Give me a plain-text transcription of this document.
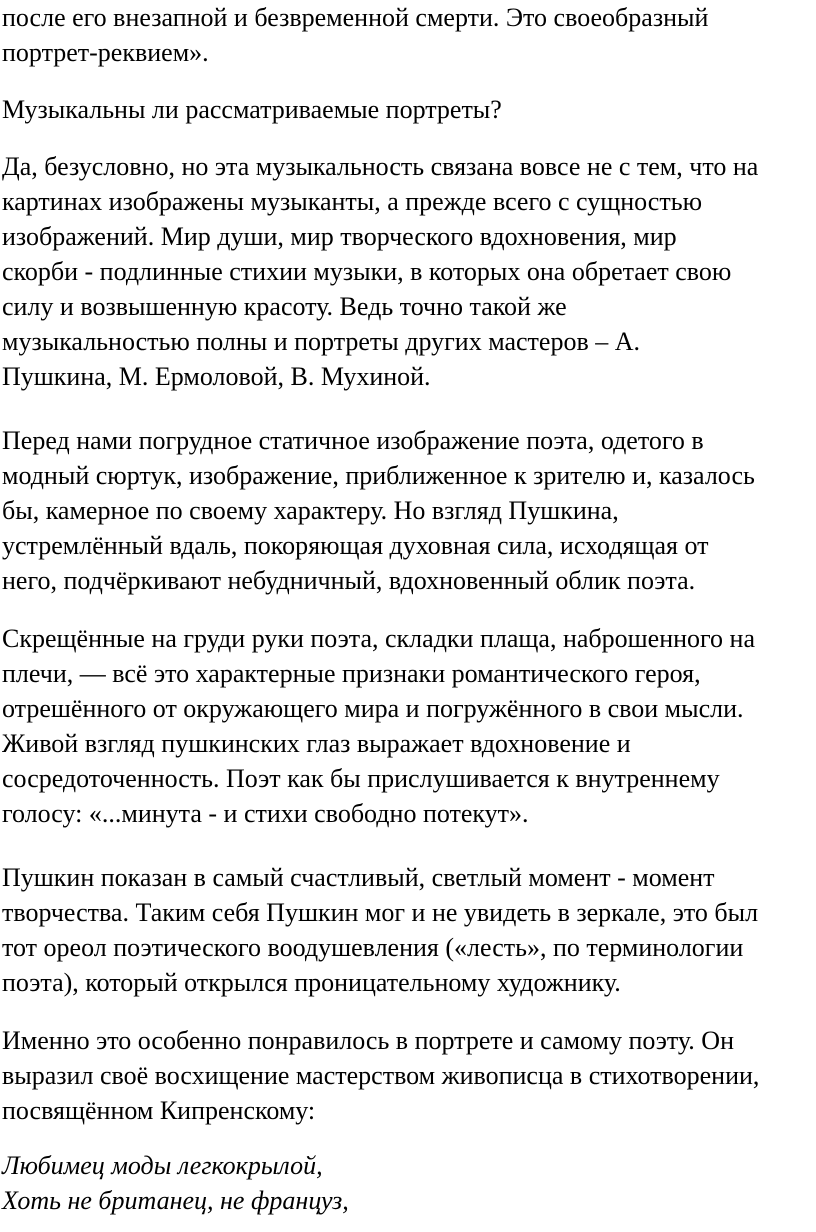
после его внезапной и безвременной смерти. Это своеобразный
портрет-реквием».

Музыкальны ли рассматриваемые портреты?

Да, безусловно, но эта музыкальность связана вовсе не с тем, что на
картинах изображены музыканты, а прежде всего с сущностью
изображений. Мир души, мир творческого вдохновения, мир
скорби - подлинные стихии музыки, в которых она обретает свою
силу и возвышенную красоту. Ведь точно такой же
музыкальностью полны и портреты других мастеров – А.
Пушкина, М. Ермоловой, В. Мухиной.

Перед нами погрудное статичное изображение поэта, одетого в
модный сюртук, изображение, приближенное к зрителю и, казалось
бы, камерное по своему характеру. Но взгляд Пушкина,
устремлённый вдаль, покоряющая духовная сила, исходящая от
него, подчёркивают небудничный, вдохновенный облик поэта.

Скрещённые на груди руки поэта, складки плаща, наброшенного на
плечи, — всё это характерные признаки романтического героя,
отрешённого от окружающего мира и погружённого в свои мысли.
Живой взгляд пушкинских глаз выражает вдохновение и
сосредоточенность. Поэт как бы прислушивается к внутреннему
голосу: «...минута - и стихи свободно потекут».

Пушкин показан в самый счастливый, светлый момент - момент
творчества. Таким себя Пушкин мог и не увидеть в зеркале, это был
тот ореол поэтического воодушевления («лесть», по терминологии
поэта), который открылся проницательному художнику.

Именно это особенно понравилось в портрете и самому поэту. Он
выразил своё восхищение мастерством живописца в стихотворении,
посвящённом Кипренскому:

Любимец моды легкокрылой,
Хоть не британец, не француз,
